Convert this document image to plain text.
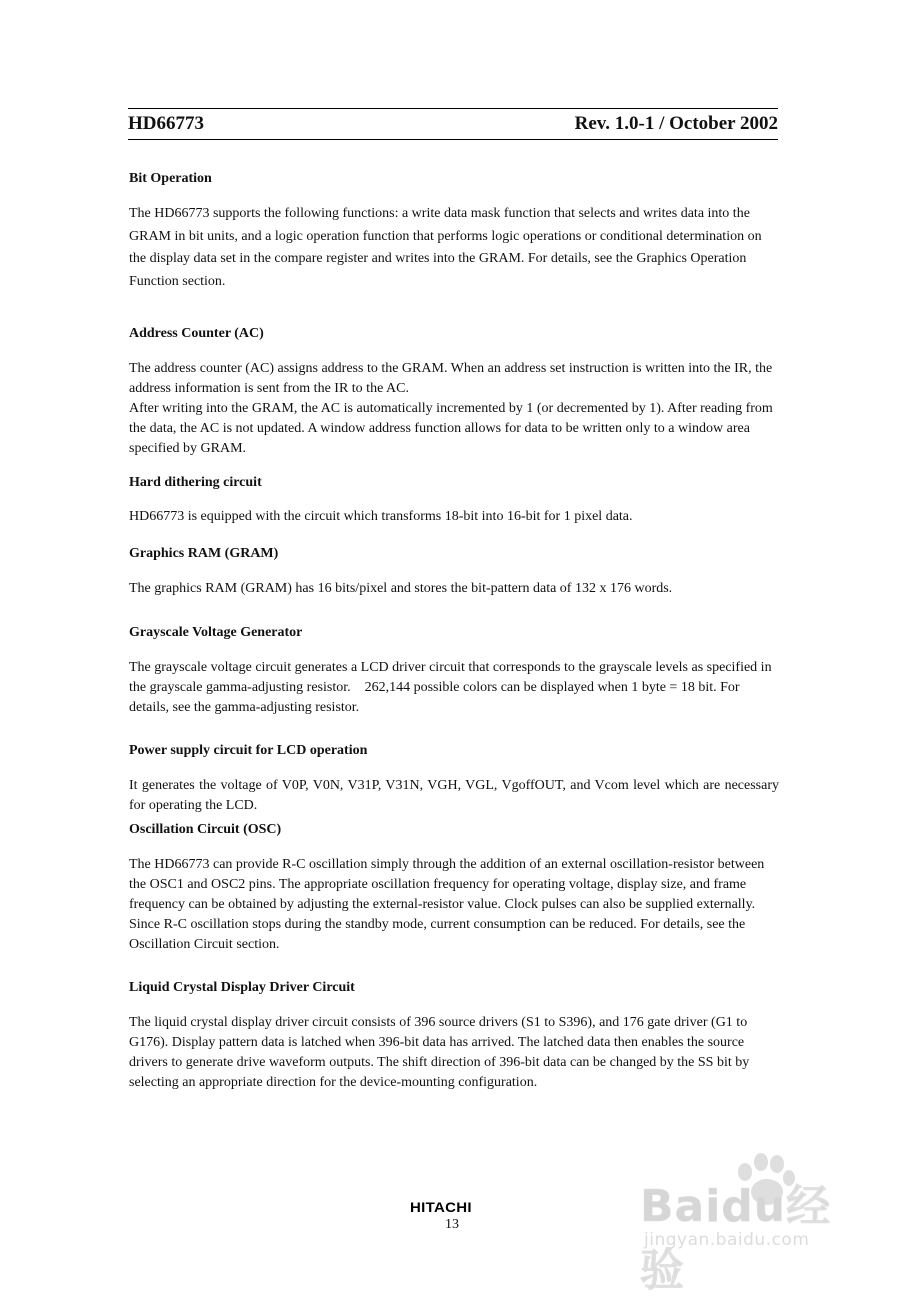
HD66773	Rev. 1.0-1 / October 2002
Bit Operation

The HD66773 supports the following functions: a write data mask function that selects and writes data into the GRAM in bit units, and a logic operation function that performs logic operations or conditional determination on the display data set in the compare register and writes into the GRAM. For details, see the Graphics Operation Function section.

Address Counter (AC)

The address counter (AC) assigns address to the GRAM. When an address set instruction is written into the IR, the address information is sent from the IR to the AC.

After writing into the GRAM, the AC is automatically incremented by 1 (or decremented by 1). After reading from the data, the AC is not updated. A window address function allows for data to be written only to a window area specified by GRAM.

Hard dithering circuit

HD66773 is equipped with the circuit which transforms 18-bit into 16-bit for 1 pixel data.

Graphics RAM (GRAM)

The graphics RAM (GRAM) has 16 bits/pixel and stores the bit-pattern data of 132 x 176 words.

Grayscale Voltage Generator

The grayscale voltage circuit generates a LCD driver circuit that corresponds to the grayscale levels as specified in the grayscale gamma-adjusting resistor.    262,144 possible colors can be displayed when 1 byte = 18 bit. For details, see the gamma-adjusting resistor.

Power supply circuit for LCD operation

It generates the voltage of V0P, V0N, V31P, V31N, VGH, VGL, VgoffOUT, and Vcom level which are necessary for operating the LCD.

Oscillation Circuit (OSC)

The HD66773 can provide R-C oscillation simply through the addition of an external oscillation-resistor between the OSC1 and OSC2 pins. The appropriate oscillation frequency for operating voltage, display size, and frame frequency can be obtained by adjusting the external-resistor value. Clock pulses can also be supplied externally. Since R-C oscillation stops during the standby mode, current consumption can be reduced. For details, see the Oscillation Circuit section.

Liquid Crystal Display Driver Circuit

The liquid crystal display driver circuit consists of 396 source drivers (S1 to S396), and 176 gate driver (G1 to G176). Display pattern data is latched when 396-bit data has arrived. The latched data then enables the source drivers to generate drive waveform outputs. The shift direction of 396-bit data can be changed by the SS bit by selecting an appropriate direction for the device-mounting configuration.

HITACHI
13	Baidu经验
jingyan.baidu.com
